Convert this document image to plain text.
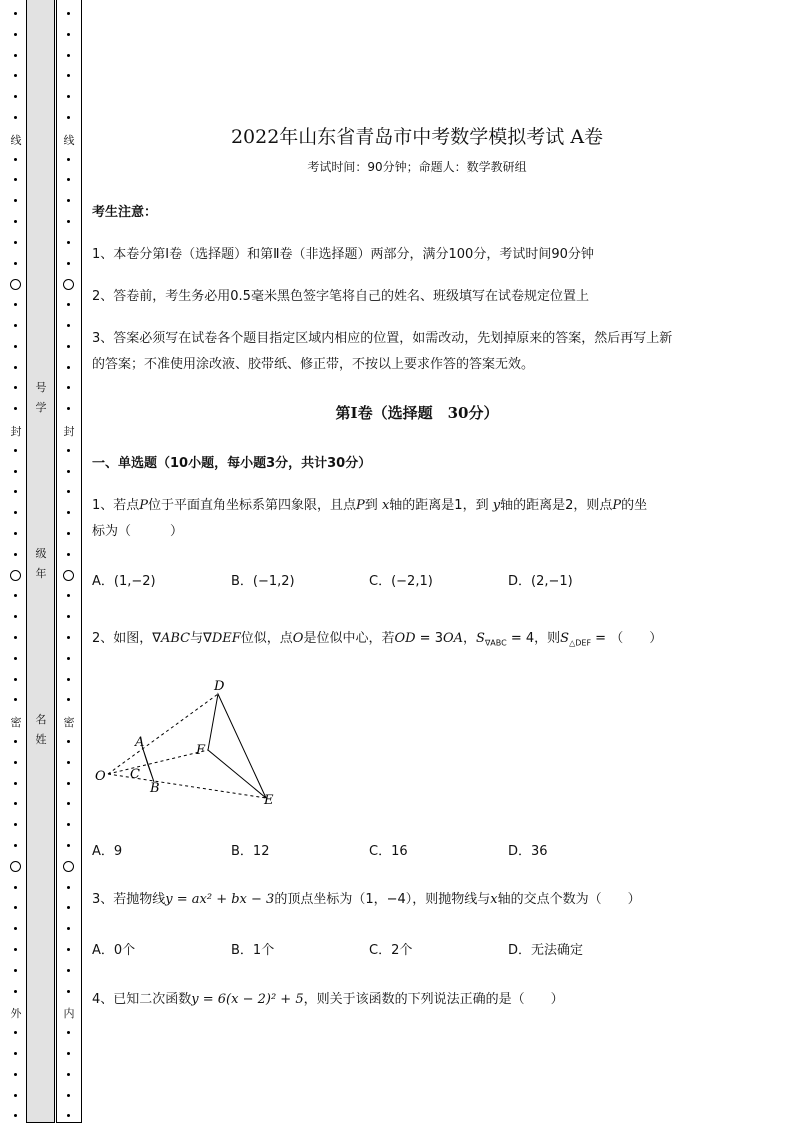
号学
级年
名姓
线
封
密
外
线
封
密
内
2022年山东省青岛市中考数学模拟考试 A卷
考试时间：90分钟；命题人：数学教研组
考生注意：
1、本卷分第I卷（选择题）和第Ⅱ卷（非选择题）两部分，满分100分，考试时间90分钟
2、答卷前，考生务必用0.5毫米黑色签字笔将自己的姓名、班级填写在试卷规定位置上
3、答案必须写在试卷各个题目指定区域内相应的位置，如需改动，先划掉原来的答案，然后再写上新
的答案；不准使用涂改液、胶带纸、修正带，不按以上要求作答的答案无效。
第I卷（选择题　30分）
一、单选题（10小题，每小题3分，共计30分）
1、若点P位于平面直角坐标系第四象限，且点P到 x轴的距离是1，到 y轴的距离是2，则点P的坐
标为（　　　）
A．(1,−2)	B．(−1,2)	C．(−2,1)	D．(2,−1)
2、如图，∇ABC与∇DEF位似，点O是位似中心，若OD = 3OA，$S_{\nabla ABC} = 4$，则$S_{\triangle DEF}$ = （　　）
D
A
F
O C
B
E
A．9	B．12	C．16	D．36
3、若抛物线y = ax² + bx − 3的顶点坐标为（1，−4），则抛物线与x轴的交点个数为（　　）
A．0个	B．1个	C．2个	D．无法确定
4、已知二次函数y = 6(x − 2)² + 5，则关于该函数的下列说法正确的是（　　）
